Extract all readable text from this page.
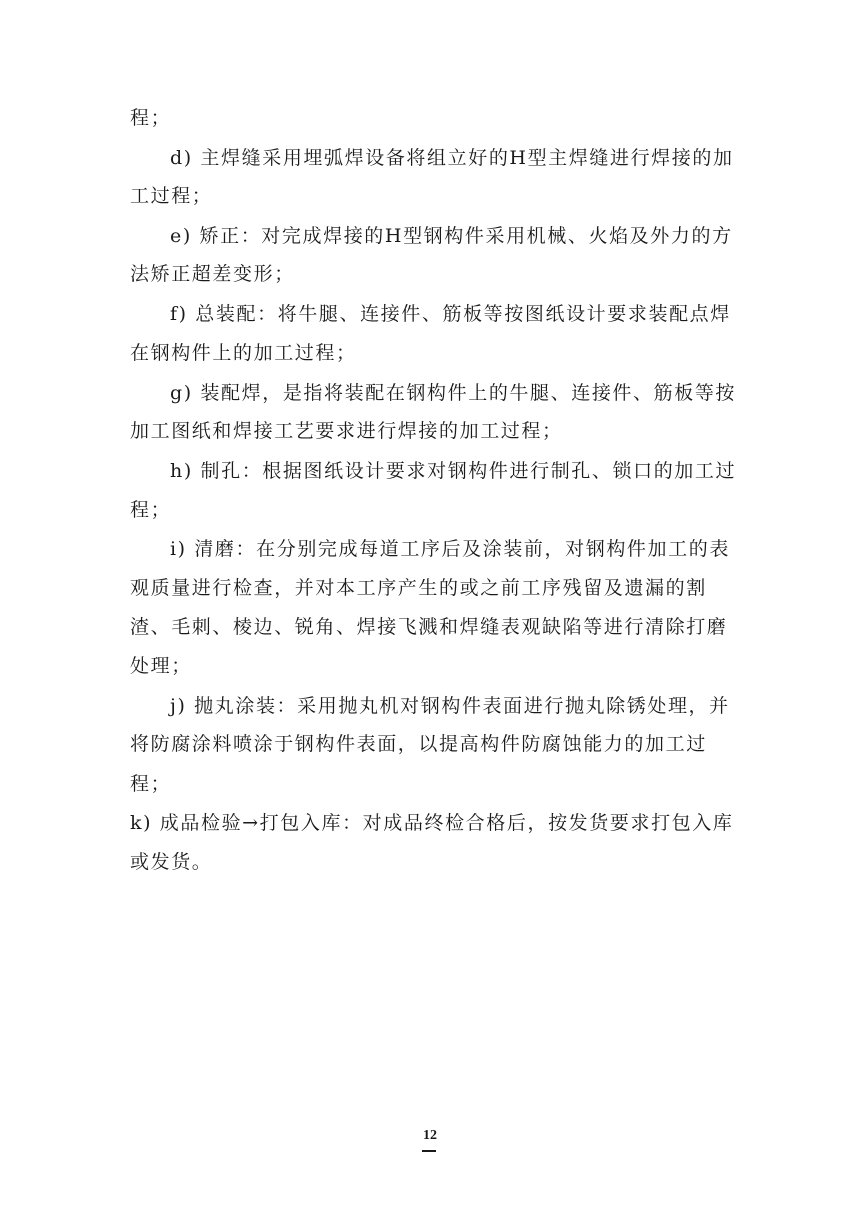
程；
d) 主焊缝采用埋弧焊设备将组立好的H型主焊缝进行焊接的加
工过程；
e) 矫正：对完成焊接的H型钢构件采用机械、火焰及外力的方
法矫正超差变形；
f) 总装配：将牛腿、连接件、筋板等按图纸设计要求装配点焊
在钢构件上的加工过程；
g) 装配焊，是指将装配在钢构件上的牛腿、连接件、筋板等按
加工图纸和焊接工艺要求进行焊接的加工过程；
h) 制孔：根据图纸设计要求对钢构件进行制孔、锁口的加工过
程；
i) 清磨：在分别完成每道工序后及涂装前，对钢构件加工的表
观质量进行检查，并对本工序产生的或之前工序残留及遗漏的割
渣、毛刺、棱边、锐角、焊接飞溅和焊缝表观缺陷等进行清除打磨
处理；
j) 抛丸涂装：采用抛丸机对钢构件表面进行抛丸除锈处理，并
将防腐涂料喷涂于钢构件表面，以提高构件防腐蚀能力的加工过
程；
k) 成品检验→打包入库：对成品终检合格后，按发货要求打包入库
或发货。
12
